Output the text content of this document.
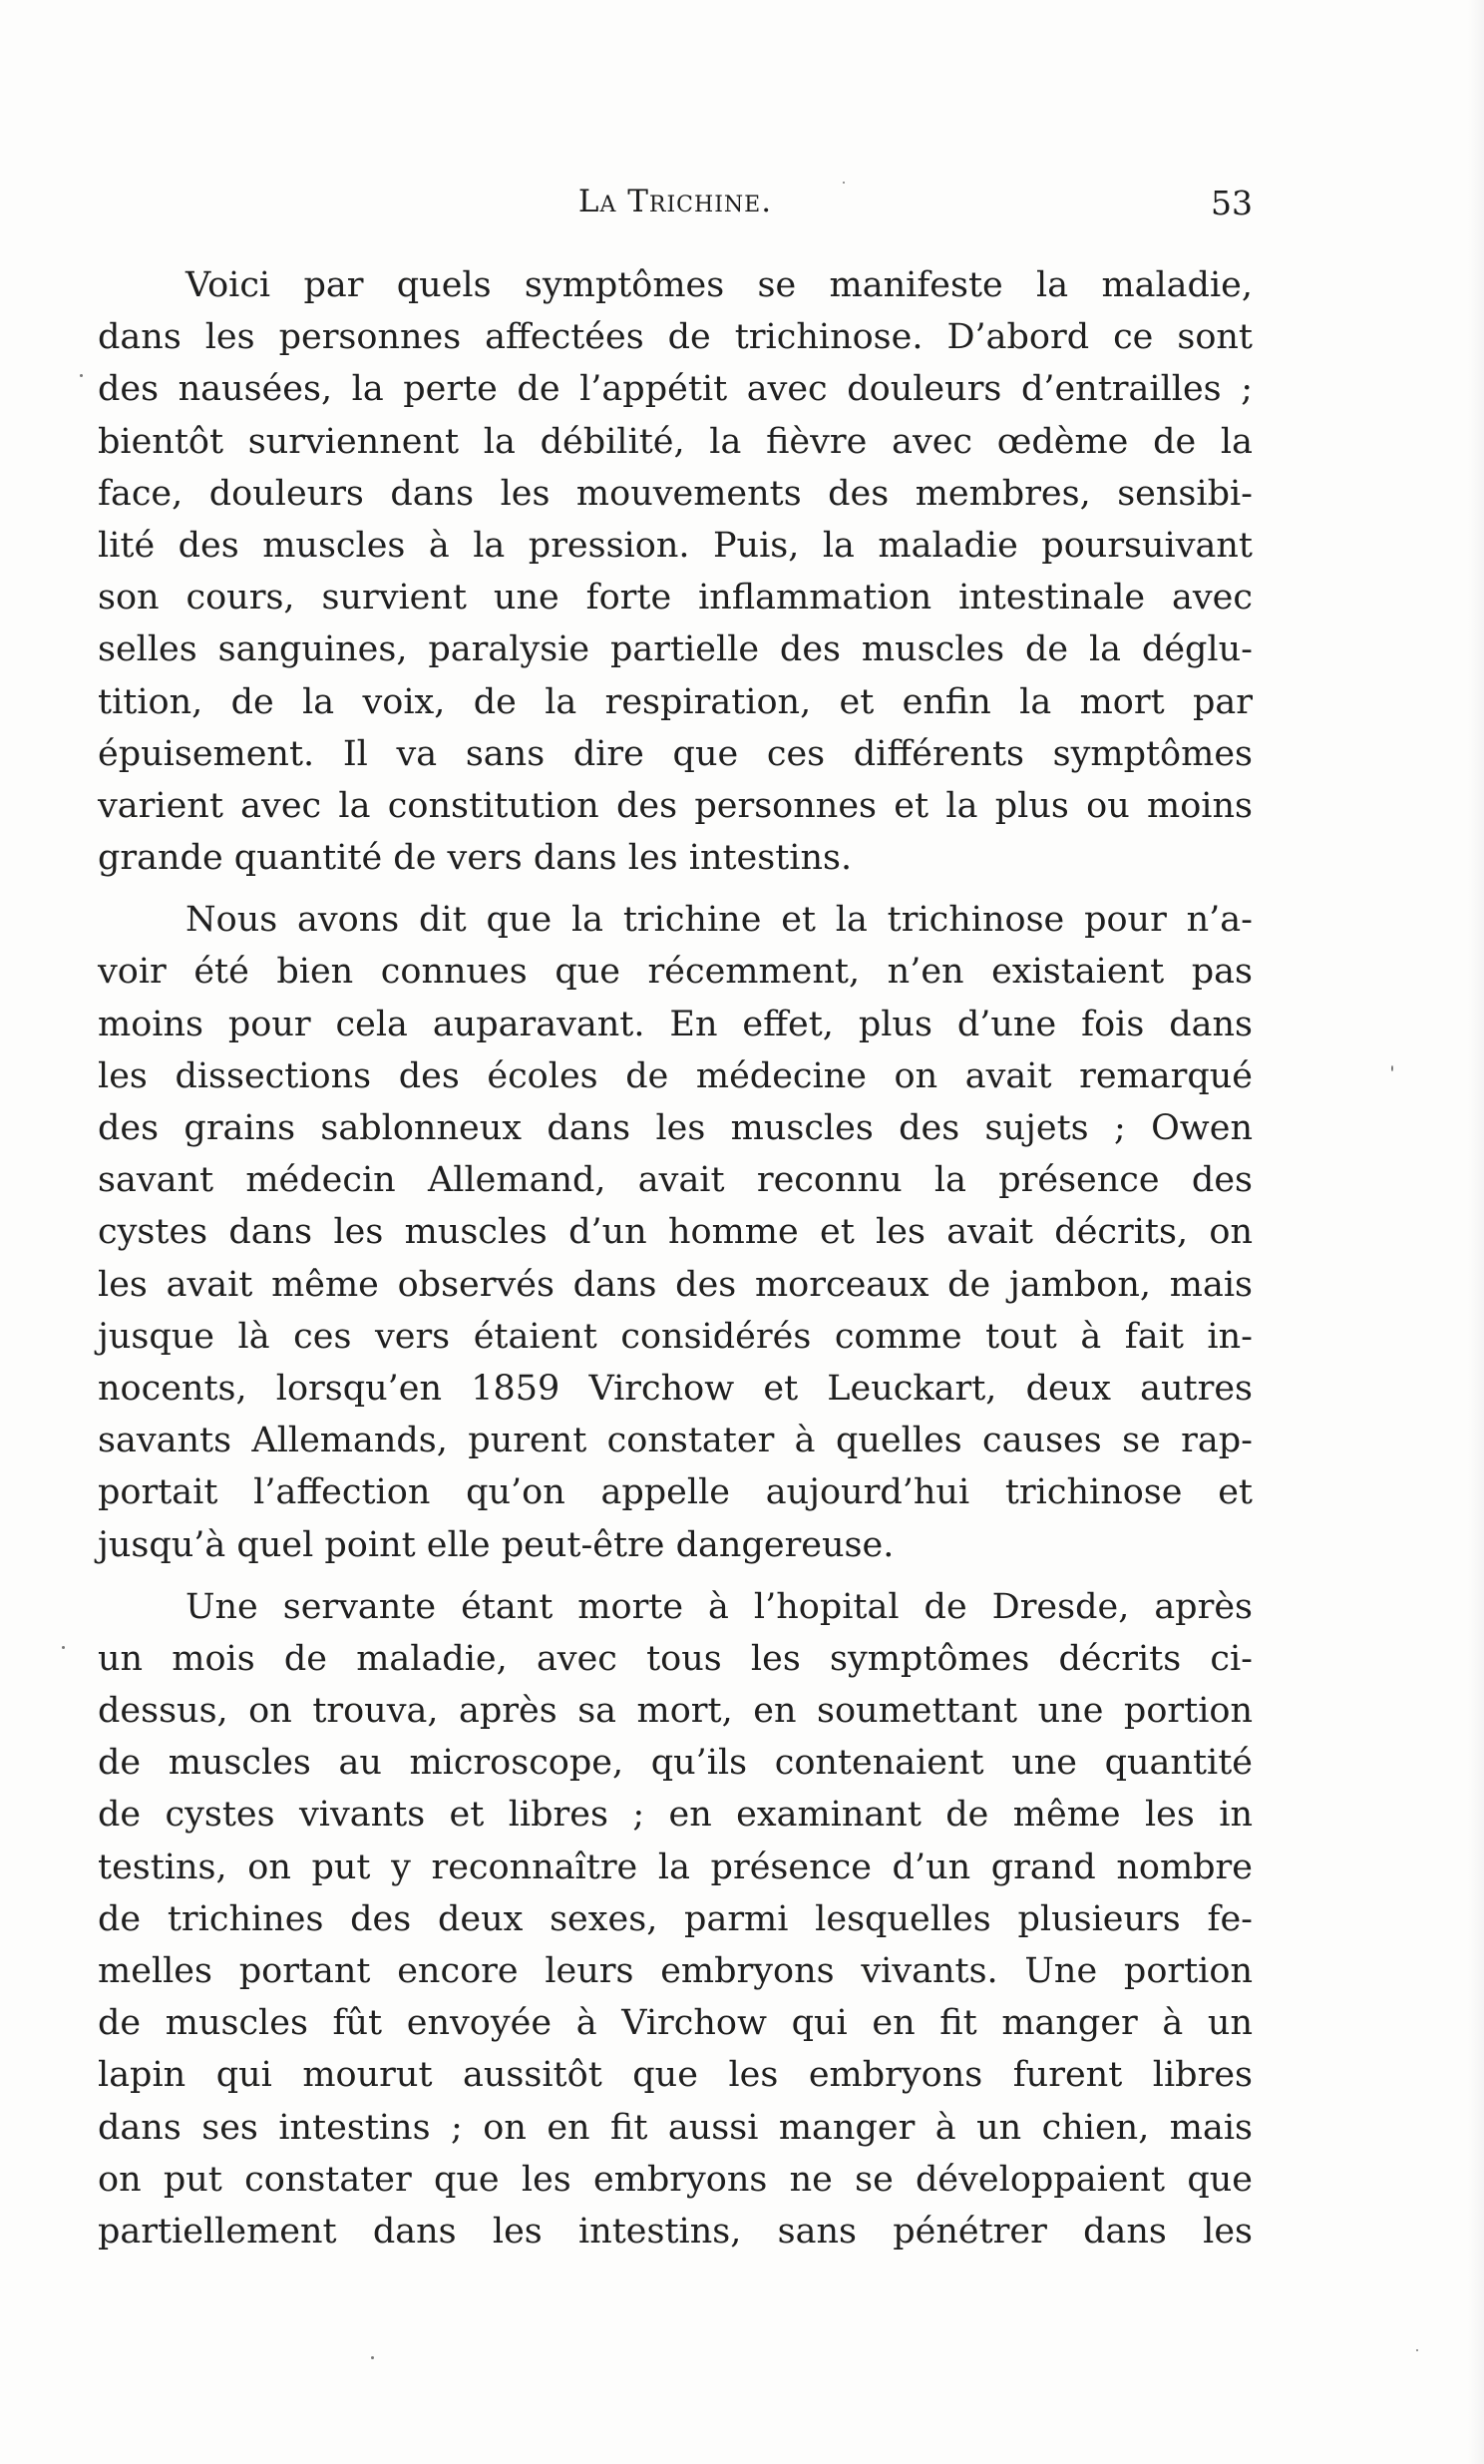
La Trichine.	53

Voici par quels symptômes se manifeste la maladie,
dans les personnes affectées de trichinose. D’abord ce sont
des nausées, la perte de l’appétit avec douleurs d’entrailles ;
bientôt surviennent la débilité, la fièvre avec œdème de la
face, douleurs dans les mouvements des membres, sensibi-
lité des muscles à la pression. Puis, la maladie poursuivant
son cours, survient une forte inflammation intestinale avec
selles sanguines, paralysie partielle des muscles de la déglu-
tition, de la voix, de la respiration, et enfin la mort par
épuisement. Il va sans dire que ces différents symptômes
varient avec la constitution des personnes et la plus ou moins
grande quantité de vers dans les intestins.

Nous avons dit que la trichine et la trichinose pour n’a-
voir été bien connues que récemment, n’en existaient pas
moins pour cela auparavant. En effet, plus d’une fois dans
les dissections des écoles de médecine on avait remarqué
des grains sablonneux dans les muscles des sujets ; Owen
savant médecin Allemand, avait reconnu la présence des
cystes dans les muscles d’un homme et les avait décrits, on
les avait même observés dans des morceaux de jambon, mais
jusque là ces vers étaient considérés comme tout à fait in-
nocents, lorsqu’en 1859 Virchow et Leuckart, deux autres
savants Allemands, purent constater à quelles causes se rap-
portait l’affection qu’on appelle aujourd’hui trichinose et
jusqu’à quel point elle peut-être dangereuse.

Une servante étant morte à l’hopital de Dresde, après
un mois de maladie, avec tous les symptômes décrits ci-
dessus, on trouva, après sa mort, en soumettant une portion
de muscles au microscope, qu’ils contenaient une quantité
de cystes vivants et libres ; en examinant de même les in
testins, on put y reconnaître la présence d’un grand nombre
de trichines des deux sexes, parmi lesquelles plusieurs fe-
melles portant encore leurs embryons vivants. Une portion
de muscles fût envoyée à Virchow qui en fit manger à un
lapin qui mourut aussitôt que les embryons furent libres
dans ses intestins ; on en fit aussi manger à un chien, mais
on put constater que les embryons ne se développaient que
partiellement dans les intestins, sans pénétrer dans les
